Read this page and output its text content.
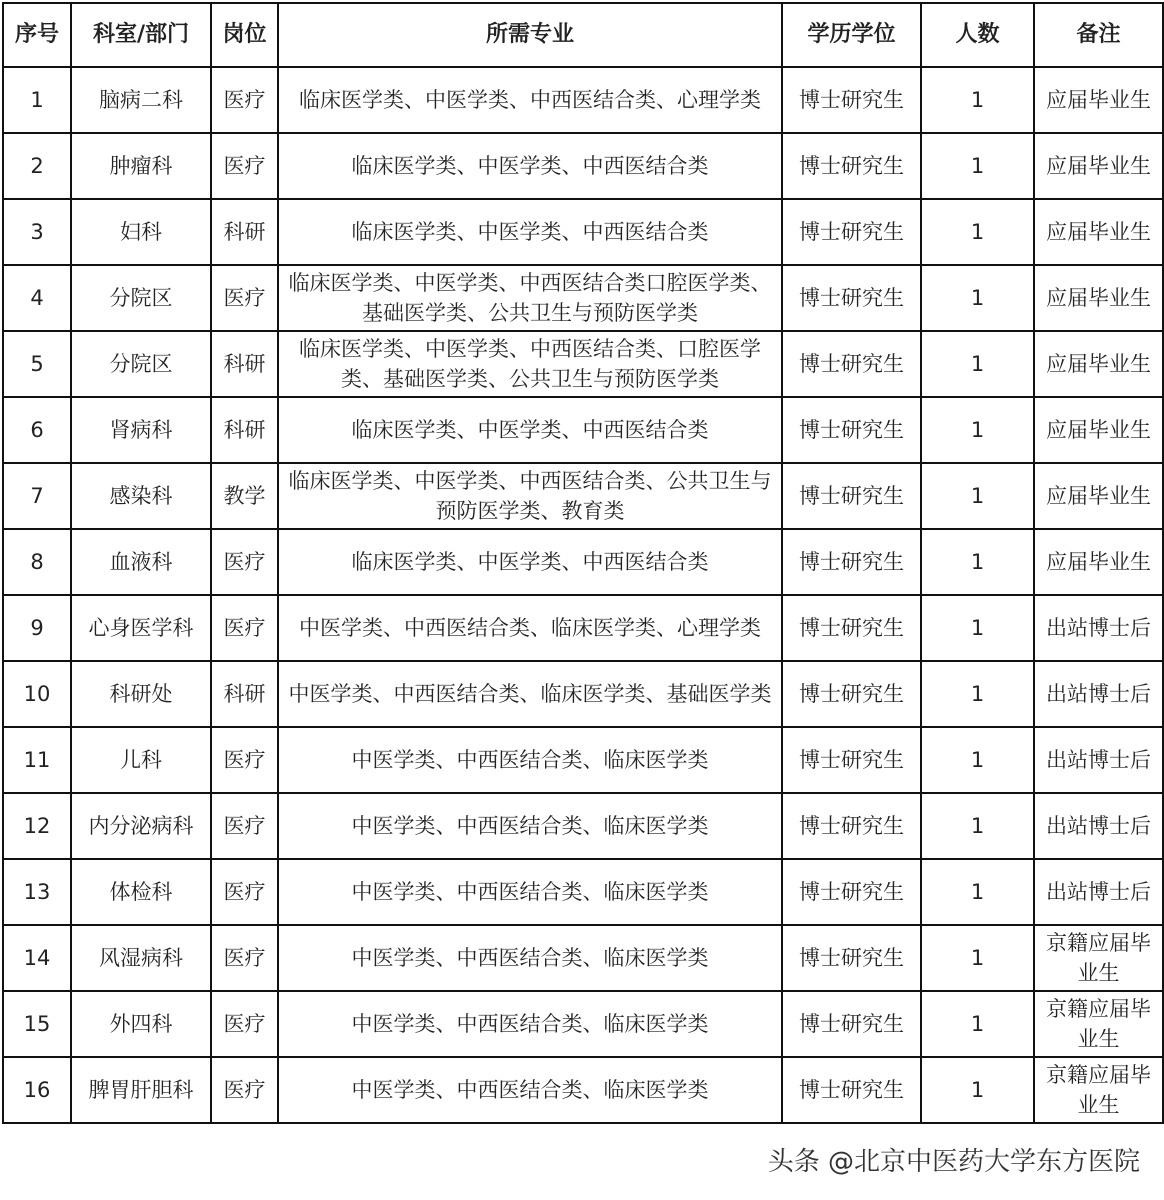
序号	科室/部门	岗位	所需专业	学历学位	人数	备注
1	脑病二科	医疗	临床医学类、中医学类、中西医结合类、心理学类	博士研究生	1	应届毕业生
2	肿瘤科	医疗	临床医学类、中医学类、中西医结合类	博士研究生	1	应届毕业生
3	妇科	科研	临床医学类、中医学类、中西医结合类	博士研究生	1	应届毕业生
4	分院区	医疗	临床医学类、中医学类、中西医结合类口腔医学类、基础医学类、公共卫生与预防医学类	博士研究生	1	应届毕业生
5	分院区	科研	临床医学类、中医学类、中西医结合类、口腔医学类、基础医学类、公共卫生与预防医学类	博士研究生	1	应届毕业生
6	肾病科	科研	临床医学类、中医学类、中西医结合类	博士研究生	1	应届毕业生
7	感染科	教学	临床医学类、中医学类、中西医结合类、公共卫生与预防医学类、教育类	博士研究生	1	应届毕业生
8	血液科	医疗	临床医学类、中医学类、中西医结合类	博士研究生	1	应届毕业生
9	心身医学科	医疗	中医学类、中西医结合类、临床医学类、心理学类	博士研究生	1	出站博士后
10	科研处	科研	中医学类、中西医结合类、临床医学类、基础医学类	博士研究生	1	出站博士后
11	儿科	医疗	中医学类、中西医结合类、临床医学类	博士研究生	1	出站博士后
12	内分泌病科	医疗	中医学类、中西医结合类、临床医学类	博士研究生	1	出站博士后
13	体检科	医疗	中医学类、中西医结合类、临床医学类	博士研究生	1	出站博士后
14	风湿病科	医疗	中医学类、中西医结合类、临床医学类	博士研究生	1	京籍应届毕业生
15	外四科	医疗	中医学类、中西医结合类、临床医学类	博士研究生	1	京籍应届毕业生
16	脾胃肝胆科	医疗	中医学类、中西医结合类、临床医学类	博士研究生	1	京籍应届毕业生
头条 @北京中医药大学东方医院
